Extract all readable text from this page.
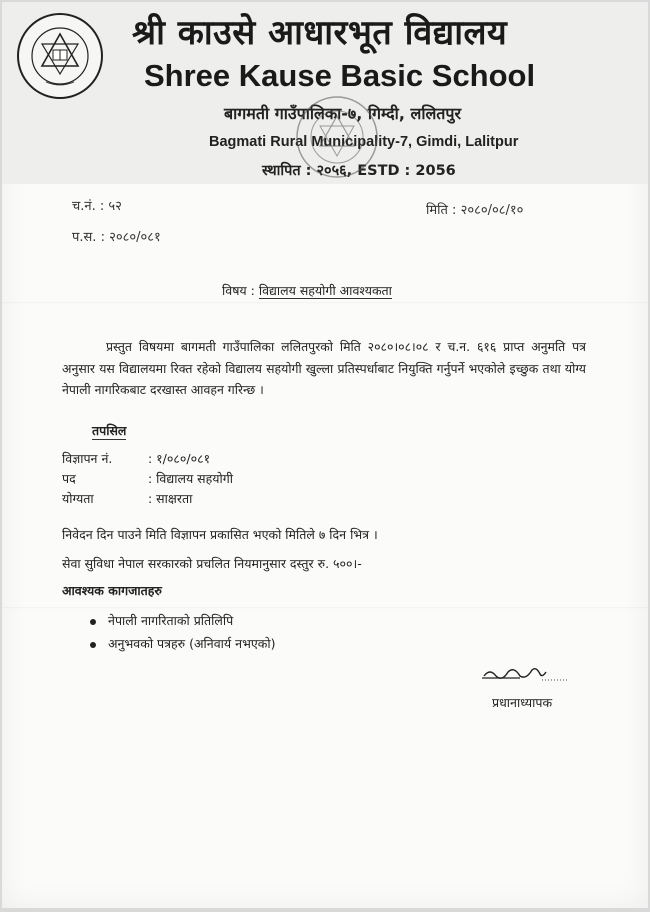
श्री काउसे आधारभूत विद्यालय
Shree Kause Basic School
बागमती गाउँपालिका-७, गिम्दी, ललितपुर
Bagmati Rural Municipality-7, Gimdi, Lalitpur
स्थापित : २०५६, ESTD : 2056
च.नं. : ५२
प.स. : २०८०/०८१
मिति : २०८०/०८/१०
विषय : विद्यालय सहयोगी आवश्यकता
प्रस्तुत विषयमा बागमती गाउँपालिका ललितपुरको मिति २०८०।०८।०८ र च.न. ६१६ प्राप्त अनुमति पत्र अनुसार यस विद्यालयमा रिक्त रहेको विद्यालय सहयोगी खुल्ला प्रतिस्पर्धाबाट नियुक्ति गर्नुपर्ने भएकोले इच्छुक तथा योग्य नेपाली नागरिकबाट दरखास्त आवहन गरिन्छ ।
तपसिल
विज्ञापन नं.	: १/०८०/०८१
पद	: विद्यालय सहयोगी
योग्यता	: साक्षरता
निवेदन दिन पाउने मिति विज्ञापन प्रकासित भएको मितिले ७ दिन भित्र ।
सेवा सुविधा नेपाल सरकारको प्रचलित नियमानुसार दस्तुर रु. ५००।-
आवश्यक कागजातहरु
नेपाली नागरिताको प्रतिलिपि
अनुभवको पत्रहरु (अनिवार्य नभएको)
प्रधानाध्यापक
